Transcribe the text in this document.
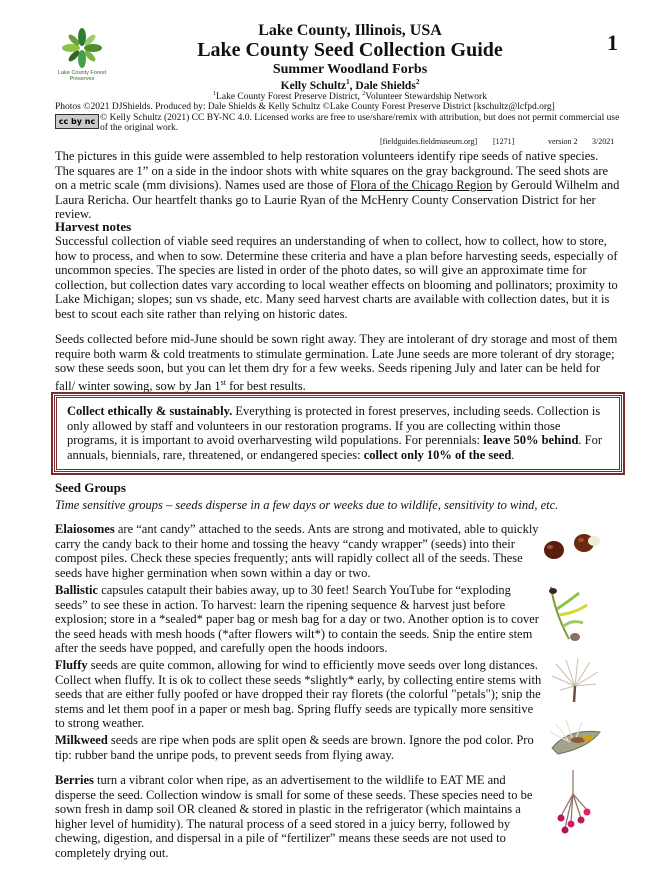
Lake County Forest Preserves
Lake County, Illinois, USA
Lake County Seed Collection Guide
Summer Woodland Forbs
Kelly Schultz$^1$, Dale Shields$^2$
$^1$Lake County Forest Preserve District, $^2$Volunteer Stewardship Network
1
Photos ©2021 DJShields. Produced by: Dale Shields & Kelly Schultz ©Lake County Forest Preserve District [kschultz@lcfpd.org]
cc by nc © Kelly Schultz (2021) CC BY-NC 4.0. Licensed works are free to use/share/remix with attribution, but does not permit commercial use of the original work.
[fieldguides.fieldmuseum.org] [1271]	version 2 3/2021

The pictures in this guide were assembled to help restoration volunteers identify ripe seeds of native species. The squares are 1” on a side in the indoor shots with white squares on the gray background. The seed shots are on a metric scale (mm divisions). Names used are those of Flora of the Chicago Region by Gerould Wilhelm and Laura Rericha. Our heartfelt thanks go to Laurie Ryan of the McHenry County Conservation District for her review.

Harvest notes

Successful collection of viable seed requires an understanding of when to collect, how to collect, how to store, how to process, and when to sow. Determine these criteria and have a plan before harvesting seeds, especially of uncommon species. The species are listed in order of the photo dates, so will give an approximate time for collection, but collection dates vary according to local weather effects on blooming and pollinators; proximity to Lake Michigan; slopes; sun vs shade, etc. Many seed harvest charts are available with collection dates, but it is best to scout each site rather than relying on historic dates.

Seeds collected before mid-June should be sown right away. They are intolerant of dry storage and most of them require both warm & cold treatments to stimulate germination. Late June seeds are more tolerant of dry storage; sow these seeds soon, but you can let them dry for a few weeks. Seeds ripening July and later can be held for fall/ winter sowing, sow by Jan 1st for best results.

Collect ethically & sustainably. Everything is protected in forest preserves, including seeds. Collection is only allowed by staff and volunteers in our restoration programs. If you are collecting within those programs, it is important to avoid overharvesting wild populations. For perennials: leave 50% behind. For annuals, biennials, rare, threatened, or endangered species: collect only 10% of the seed.

Seed Groups
Time sensitive groups – seeds disperse in a few days or weeks due to wildlife, sensitivity to wind, etc.

Elaiosomes are “ant candy” attached to the seeds. Ants are strong and motivated, able to quickly carry the candy back to their home and tossing the heavy “candy wrapper” (seeds) into their compost piles. Check these species frequently; ants will rapidly collect all of the seeds. These seeds have higher germination when sown within a day or two.

Ballistic capsules catapult their babies away, up to 30 feet! Search YouTube for “exploding seeds” to see these in action. To harvest: learn the ripening sequence & harvest just before explosion; store in a *sealed* paper bag or mesh bag for a day or two. Another option is to cover the seed heads with mesh hoods (*after flowers wilt*) to contain the seeds. Snip the entire stem after the seeds have popped, and carefully open the hoods indoors.

Fluffy seeds are quite common, allowing for wind to efficiently move seeds over long distances. Collect when fluffy. It is ok to collect these seeds *slightly* early, by collecting entire stems with seeds that are either fully poofed or have dropped their ray florets (the colorful "petals"); snip the stems and let them poof in a paper or mesh bag. Spring fluffy seeds are typically more sensitive to strong weather.

Milkweed seeds are ripe when pods are split open & seeds are brown. Ignore the pod color. Pro tip: rubber band the unripe pods, to prevent seeds from flying away.

Berries turn a vibrant color when ripe, as an advertisement to the wildlife to EAT ME and disperse the seed. Collection window is small for some of these seeds. These species need to be sown fresh in damp soil OR cleaned & stored in plastic in the refrigerator (which maintains a higher level of humidity). The natural process of a seed stored in a juicy berry, followed by chewing, digestion, and dispersal in a pile of “fertilizer” means these seeds are not used to completely drying out.
